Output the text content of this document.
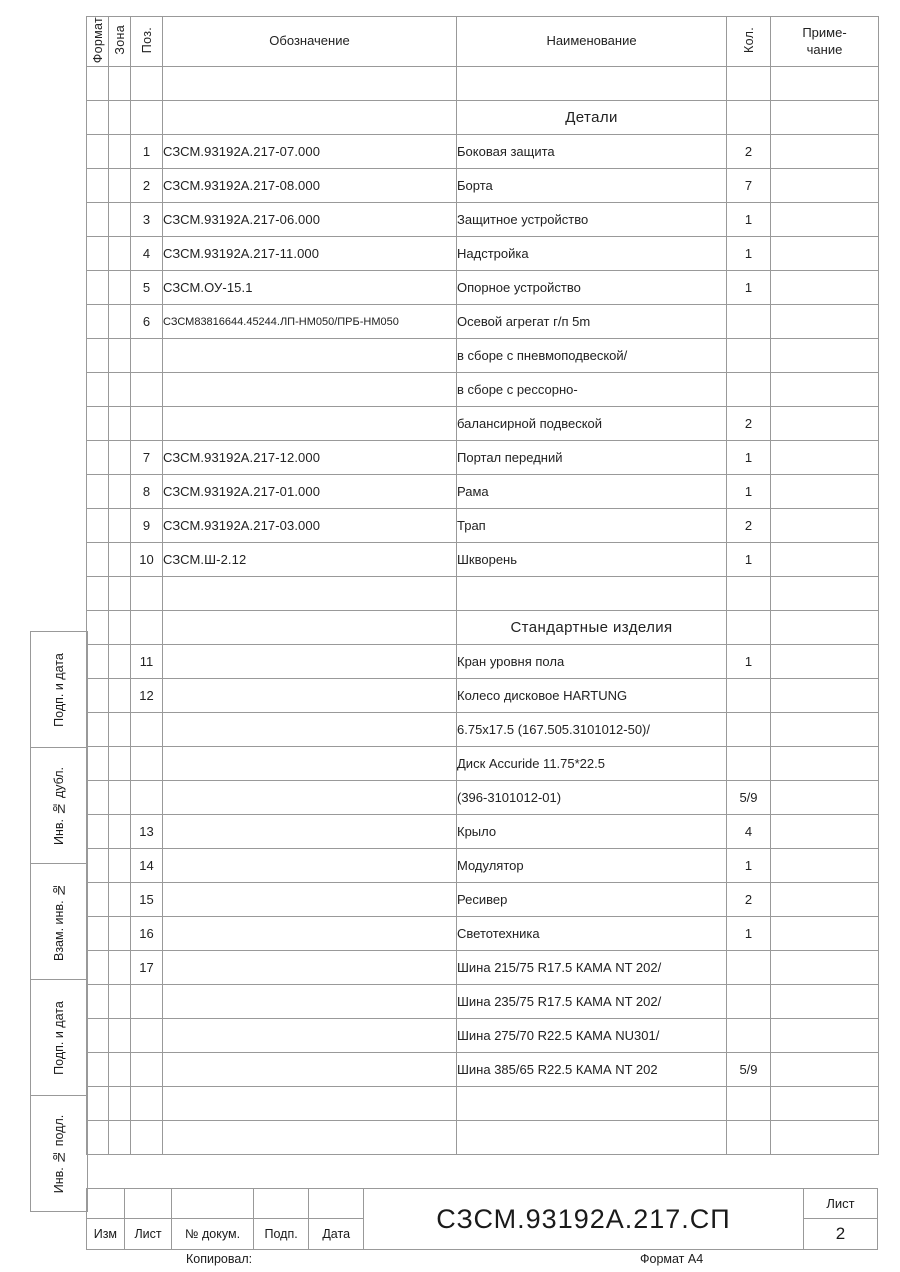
Формат	Зона	Поз.	Обозначение	Наименование	Кол.	Приме-
чание

				Детали		
		1	СЗСМ.93192А.217-07.000	Боковая защита	2	
		2	СЗСМ.93192А.217-08.000	Борта	7	
		3	СЗСМ.93192А.217-06.000	Защитное устройство	1	
		4	СЗСМ.93192А.217-11.000	Надстройка	1	
		5	СЗСМ.ОУ-15.1	Опорное устройство	1	
		6	СЗСМ83816644.45244.ЛП-НМ050/ПРБ-НМ050	Осевой агрегат г/п 5m		
				в сборе с пневмоподвеской/		
				в сборе с рессорно-		
				балансирной подвеской	2	
		7	СЗСМ.93192А.217-12.000	Портал передний	1	
		8	СЗСМ.93192А.217-01.000	Рама	1	
		9	СЗСМ.93192А.217-03.000	Трап	2	
		10	СЗСМ.Ш-2.12	Шкворень	1	

				Стандартные изделия		
		11		Кран уровня пола	1	
		12		Колесо дисковое HARTUNG		
				6.75х17.5 (167.505.3101012-50)/		
				Диск Accuride 11.75*22.5		
				(396-3101012-01)	5/9	
		13		Крыло	4	
		14		Модулятор	1	
		15		Ресивер	2	
		16		Светотехника	1	
		17		Шина 215/75 R17.5 КАМА NT 202/		
				Шина 235/75 R17.5 КАМА NT 202/		
				Шина 275/70 R22.5 КАМА NU301/		
				Шина 385/65 R22.5 КАМА NT 202	5/9	

Подп. и дата
Инв. № дубл.
Взам. инв. №
Подп. и дата
Инв. № подл.
Изм	Лист	№ докум.	Подп.	Дата
СЗСМ.93192А.217.СП	Лист
2
Копировал:	Формат А4
